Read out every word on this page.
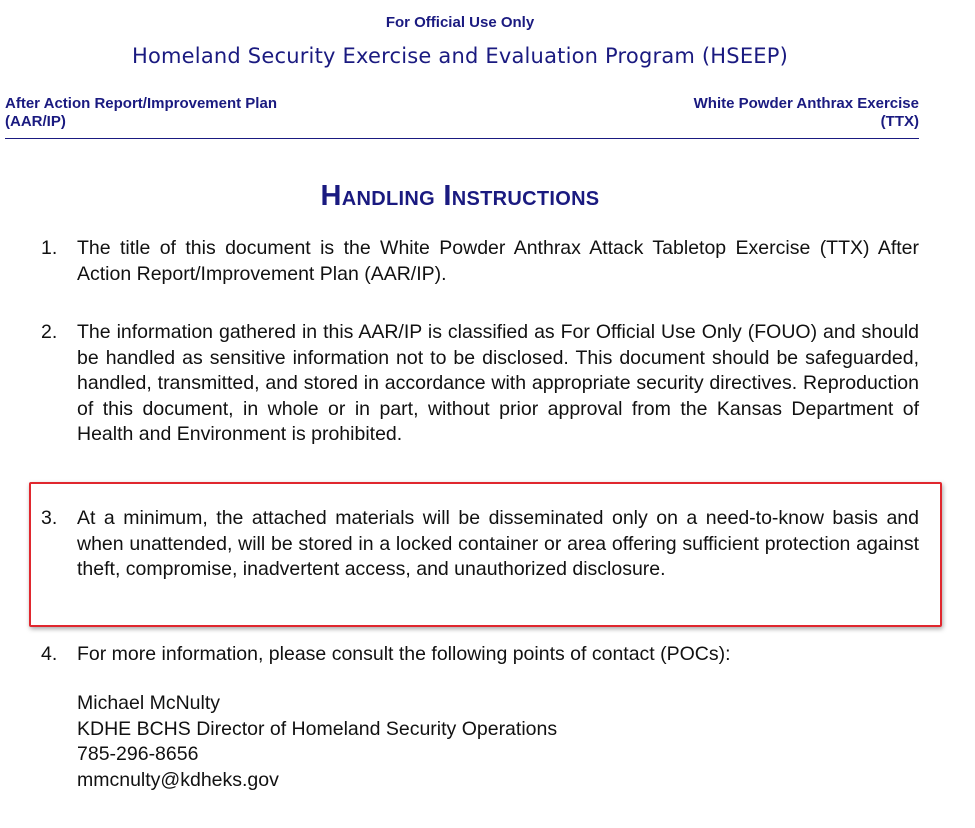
For Official Use Only
Homeland Security Exercise and Evaluation Program (HSEEP)
After Action Report/Improvement Plan
(AAR/IP)
White Powder Anthrax Exercise
(TTX)
Handling Instructions
1. The title of this document is the White Powder Anthrax Attack Tabletop Exercise (TTX) After Action Report/Improvement Plan (AAR/IP).
2. The information gathered in this AAR/IP is classified as For Official Use Only (FOUO) and should be handled as sensitive information not to be disclosed. This document should be safeguarded, handled, transmitted, and stored in accordance with appropriate security directives. Reproduction of this document, in whole or in part, without prior approval from the Kansas Department of Health and Environment is prohibited.
3. At a minimum, the attached materials will be disseminated only on a need-to-know basis and when unattended, will be stored in a locked container or area offering sufficient protection against theft, compromise, inadvertent access, and unauthorized disclosure.
4. For more information, please consult the following points of contact (POCs):
Michael McNulty
KDHE BCHS Director of Homeland Security Operations
785-296-8656
mmcnulty@kdheks.gov
